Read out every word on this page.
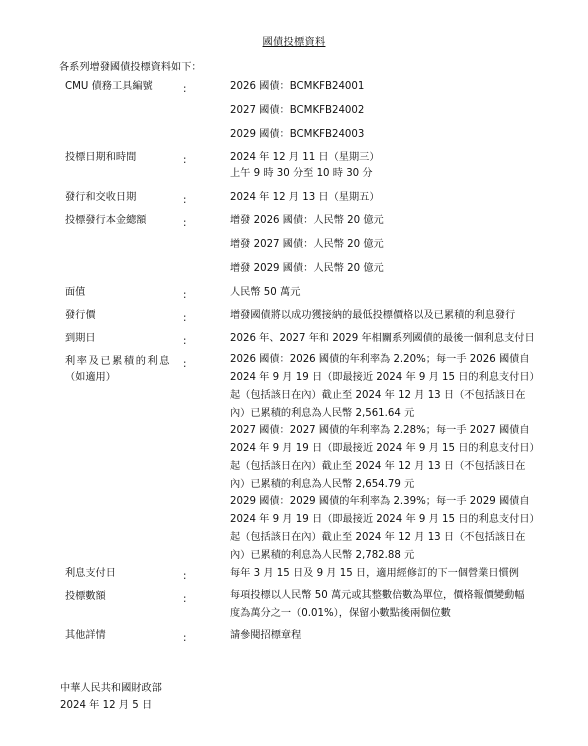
國債投標資料
各系列增發國債投標資料如下：
CMU 債務工具編號	:	2026 國債：BCMKFB24001
2027 國債：BCMKFB24002
2029 國債：BCMKFB24003
投標日期和時間	:	2024 年 12 月 11 日（星期三）
上午 9 時 30 分至 10 時 30 分
發行和交收日期	:	2024 年 12 月 13 日（星期五）
投標發行本金總額	:	增發 2026 國債：人民幣 20 億元
增發 2027 國債：人民幣 20 億元
增發 2029 國債：人民幣 20 億元
面值	:	人民幣 50 萬元
發行價	:	增發國債將以成功獲接納的最低投標價格以及已累積的利息發行
到期日	:	2026 年、2027 年和 2029 年相關系列國債的最後一個利息支付日
利率及已累積的利息
（如適用）
:	2026 國債：2026 國債的年利率為 2.20%；每一手 2026 國債自
2024 年 9 月 19 日（即最接近 2024 年 9 月 15 日的利息支付日）
起（包括該日在內）截止至 2024 年 12 月 13 日（不包括該日在
內）已累積的利息為人民幣 2,561.64 元
2027 國債：2027 國債的年利率為 2.28%；每一手 2027 國債自
2024 年 9 月 19 日（即最接近 2024 年 9 月 15 日的利息支付日）
起（包括該日在內）截止至 2024 年 12 月 13 日（不包括該日在
內）已累積的利息為人民幣 2,654.79 元
2029 國債：2029 國債的年利率為 2.39%；每一手 2029 國債自
2024 年 9 月 19 日（即最接近 2024 年 9 月 15 日的利息支付日）
起（包括該日在內）截止至 2024 年 12 月 13 日（不包括該日在
內）已累積的利息為人民幣 2,782.88 元
利息支付日	:	每年 3 月 15 日及 9 月 15 日，適用經修訂的下一個營業日慣例
投標數額	:	每項投標以人民幣 50 萬元或其整數倍數為單位，價格報價變動幅
度為萬分之一（0.01%），保留小數點後兩個位數
其他詳情	:	請參閱招標章程
中華人民共和國財政部
2024 年 12 月 5 日
